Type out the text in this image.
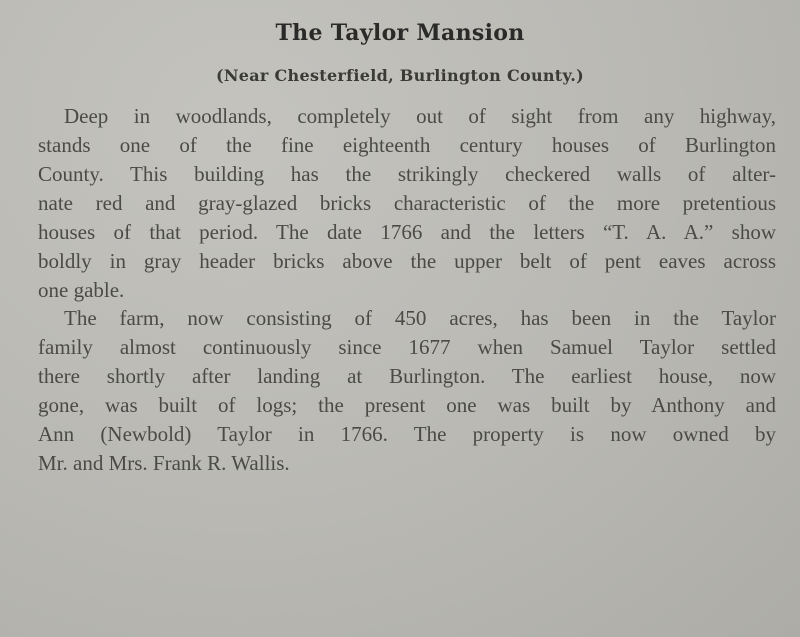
The Taylor Mansion
(Near Chesterfield, Burlington County.)
Deep in woodlands, completely out of sight from any highway,
stands one of the fine eighteenth century houses of Burlington
County. This building has the strikingly checkered walls of alter-
nate red and gray-glazed bricks characteristic of the more pretentious
houses of that period. The date 1766 and the letters “T. A. A.” show
boldly in gray header bricks above the upper belt of pent eaves across
one gable.
The farm, now consisting of 450 acres, has been in the Taylor
family almost continuously since 1677 when Samuel Taylor settled
there shortly after landing at Burlington. The earliest house, now
gone, was built of logs; the present one was built by Anthony and
Ann (Newbold) Taylor in 1766. The property is now owned by
Mr. and Mrs. Frank R. Wallis.
